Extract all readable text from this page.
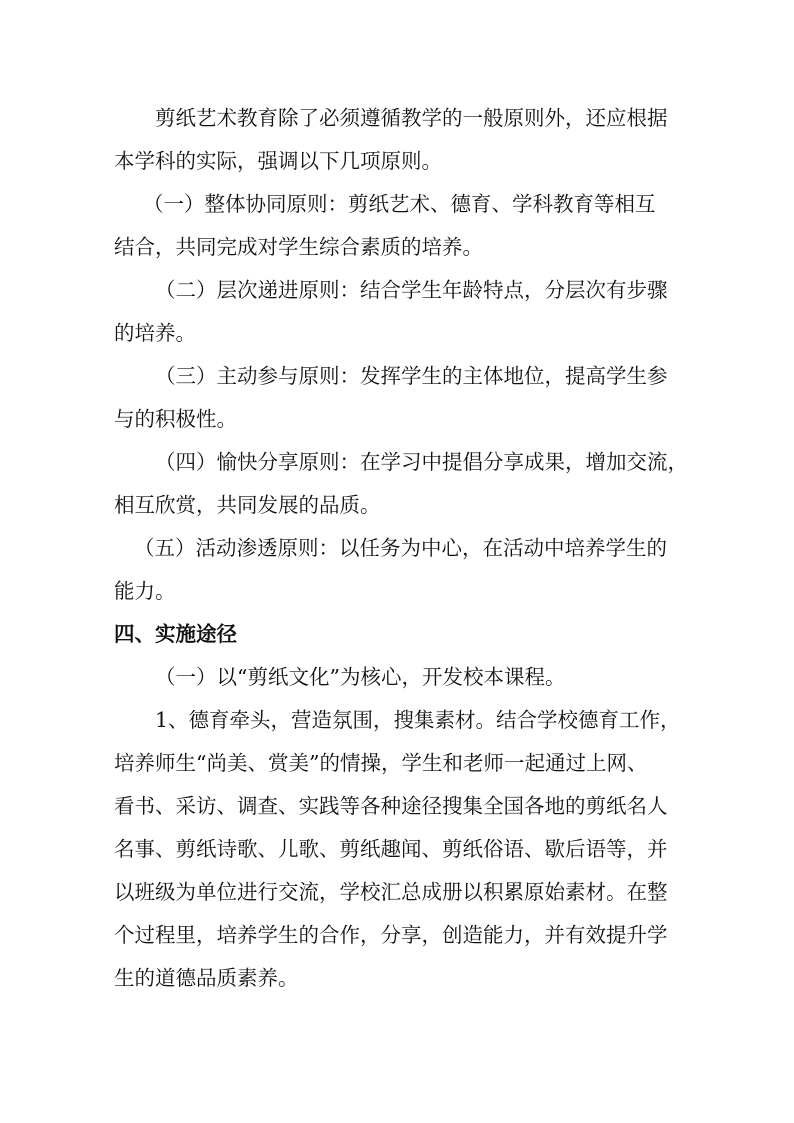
剪纸艺术教育除了必须遵循教学的一般原则外，还应根据
本学科的实际，强调以下几项原则。
（一）整体协同原则：剪纸艺术、德育、学科教育等相互
结合，共同完成对学生综合素质的培养。
（二）层次递进原则：结合学生年龄特点，分层次有步骤
的培养。
（三）主动参与原则：发挥学生的主体地位，提高学生参
与的积极性。
（四）愉快分享原则：在学习中提倡分享成果，增加交流，
相互欣赏，共同发展的品质。
（五）活动渗透原则：以任务为中心，在活动中培养学生的
能力。
四、实施途径
（一）以“剪纸文化”为核心，开发校本课程。
1、德育牵头，营造氛围，搜集素材。结合学校德育工作，
培养师生“尚美、赏美”的情操，学生和老师一起通过上网、
看书、采访、调查、实践等各种途径搜集全国各地的剪纸名人
名事、剪纸诗歌、儿歌、剪纸趣闻、剪纸俗语、歇后语等，并
以班级为单位进行交流，学校汇总成册以积累原始素材。在整
个过程里，培养学生的合作，分享，创造能力，并有效提升学
生的道德品质素养。
